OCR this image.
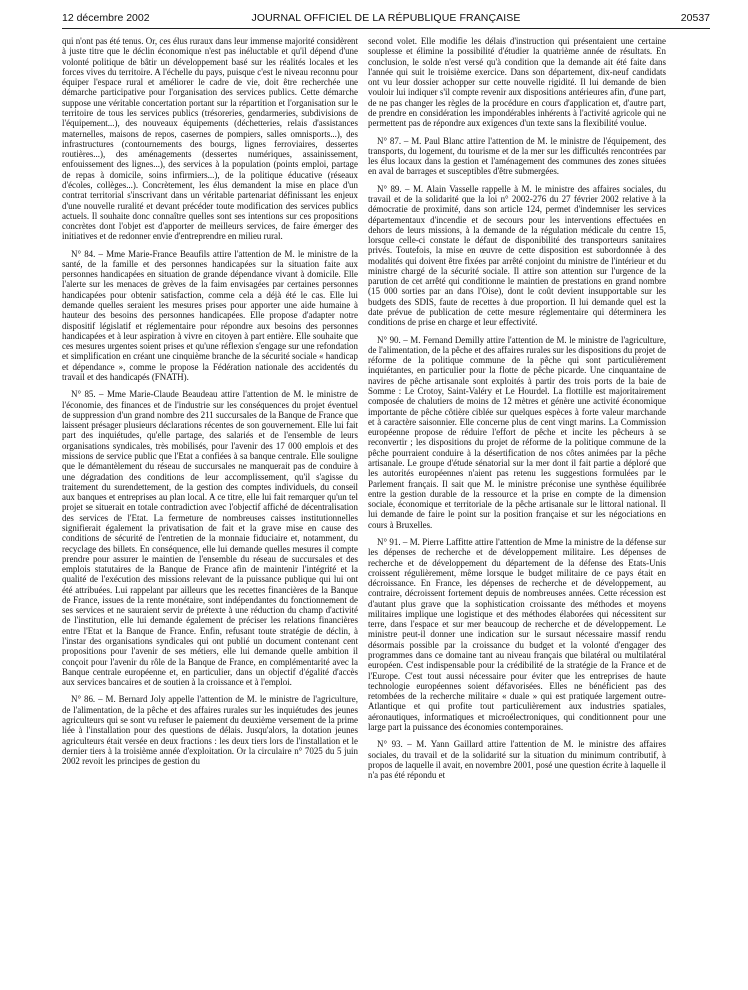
12 décembre 2002	JOURNAL OFFICIEL DE LA RÉPUBLIQUE FRANÇAISE	20537

qui n'ont pas été tenus. Or, ces élus ruraux dans leur immense majorité considèrent à juste titre que le déclin économique n'est pas inéluctable et qu'il dépend d'une volonté politique de bâtir un développement basé sur les réalités locales et les forces vives du territoire. A l'échelle du pays, puisque c'est le niveau reconnu pour équiper l'espace rural et améliorer le cadre de vie, doit être recherchée une démarche participative pour l'organisation des services publics. Cette démarche suppose une véritable concertation portant sur la répartition et l'organisation sur le territoire de tous les services publics (trésoreries, gendarmeries, subdivisions de l'équipement...), des nouveaux équipements (déchetteries, relais d'assistances maternelles, maisons de repos, casernes de pompiers, salles omnisports...), des infrastructures (contournements des bourgs, lignes ferroviaires, dessertes routières...), des aménagements (dessertes numériques, assainissement, enfouissement des lignes...), des services à la population (points emploi, partage de repas à domicile, soins infirmiers...), de la politique éducative (réseaux d'écoles, collèges...). Concrètement, les élus demandent la mise en place d'un contrat territorial s'inscrivant dans un véritable partenariat définissant les enjeux d'une nouvelle ruralité et devant précéder toute modification des services publics actuels. Il souhaite donc connaître quelles sont ses intentions sur ces propositions concrètes dont l'objet est d'apporter de meilleurs services, de faire émerger des initiatives et de redonner envie d'entreprendre en milieu rural.

N° 84. – Mme Marie-France Beaufils attire l'attention de M. le ministre de la santé, de la famille et des personnes handicapées sur la situation faite aux personnes handicapées en situation de grande dépendance vivant à domicile. Elle l'alerte sur les menaces de grèves de la faim envisagées par certaines personnes handicapées pour obtenir satisfaction, comme cela a déjà été le cas. Elle lui demande quelles seraient les mesures prises pour apporter une aide humaine à hauteur des besoins des personnes handicapées. Elle propose d'adapter notre dispositif législatif et réglementaire pour répondre aux besoins des personnes handicapées et à leur aspiration à vivre en citoyen à part entière. Elle souhaite que ces mesures urgentes soient prises et qu'une réflexion s'engage sur une refondation et simplification en créant une cinquième branche de la sécurité sociale « handicap et dépendance », comme le propose la Fédération nationale des accidentés du travail et des handicapés (FNATH).

N° 85. – Mme Marie-Claude Beaudeau attire l'attention de M. le ministre de l'économie, des finances et de l'industrie sur les conséquences du projet éventuel de suppression d'un grand nombre des 211 succursales de la Banque de France que laissent présager plusieurs déclarations récentes de son gouvernement. Elle lui fait part des inquiétudes, qu'elle partage, des salariés et de l'ensemble de leurs organisations syndicales, très mobilisés, pour l'avenir des 17 000 emplois et des missions de service public que l'Etat a confiées à sa banque centrale. Elle souligne que le démantèlement du réseau de succursales ne manquerait pas de conduire à une dégradation des conditions de leur accomplissement, qu'il s'agisse du traitement du surendettement, de la gestion des comptes individuels, du conseil aux banques et entreprises au plan local. A ce titre, elle lui fait remarquer qu'un tel projet se situerait en totale contradiction avec l'objectif affiché de décentralisation des services de l'Etat. La fermeture de nombreuses caisses institutionnelles signifierait également la privatisation de fait et la grave mise en cause des conditions de sécurité de l'entretien de la monnaie fiduciaire et, notamment, du recyclage des billets. En conséquence, elle lui demande quelles mesures il compte prendre pour assurer le maintien de l'ensemble du réseau de succursales et des emplois statutaires de la Banque de France afin de maintenir l'intégrité et la qualité de l'exécution des missions relevant de la puissance publique qui lui ont été attribuées. Lui rappelant par ailleurs que les recettes financières de la Banque de France, issues de la rente monétaire, sont indépendantes du fonctionnement de ses services et ne sauraient servir de prétexte à une réduction du champ d'activité de l'institution, elle lui demande également de préciser les relations financières entre l'Etat et la Banque de France. Enfin, refusant toute stratégie de déclin, à l'instar des organisations syndicales qui ont publié un document contenant cent propositions pour l'avenir de ses métiers, elle lui demande quelle ambition il conçoit pour l'avenir du rôle de la Banque de France, en complémentarité avec la Banque centrale européenne et, en particulier, dans un objectif d'égalité d'accès aux services bancaires et de soutien à la croissance et à l'emploi.

N° 86. – M. Bernard Joly appelle l'attention de M. le ministre de l'agriculture, de l'alimentation, de la pêche et des affaires rurales sur les inquiétudes des jeunes agriculteurs qui se sont vu refuser le paiement du deuxième versement de la prime liée à l'installation pour des questions de délais. Jusqu'alors, la dotation jeunes agriculteurs était versée en deux fractions : les deux tiers lors de l'installation et le dernier tiers à la troisième année d'exploitation. Or la circulaire n° 7025 du 5 juin 2002 revoit les principes de gestion du

second volet. Elle modifie les délais d'instruction qui présentaient une certaine souplesse et élimine la possibilité d'étudier la quatrième année de résultats. En conclusion, le solde n'est versé qu'à condition que la demande ait été faite dans l'année qui suit le troisième exercice. Dans son département, dix-neuf candidats ont vu leur dossier achopper sur cette nouvelle rigidité. Il lui demande de bien vouloir lui indiquer s'il compte revenir aux dispositions antérieures afin, d'une part, de ne pas changer les règles de la procédure en cours d'application et, d'autre part, de prendre en considération les impondérables inhérents à l'activité agricole qui ne permettent pas de répondre aux exigences d'un texte sans la flexibilité voulue.

N° 87. – M. Paul Blanc attire l'attention de M. le ministre de l'équipement, des transports, du logement, du tourisme et de la mer sur les difficultés rencontrées par les élus locaux dans la gestion et l'aménagement des communes des zones situées en aval de barrages et susceptibles d'être submergées.

N° 89. – M. Alain Vasselle rappelle à M. le ministre des affaires sociales, du travail et de la solidarité que la loi n° 2002-276 du 27 février 2002 relative à la démocratie de proximité, dans son article 124, permet d'indemniser les services départementaux d'incendie et de secours pour les interventions effectuées en dehors de leurs missions, à la demande de la régulation médicale du centre 15, lorsque celle-ci constate le défaut de disponibilité des transporteurs sanitaires privés. Toutefois, la mise en œuvre de cette disposition est subordonnée à des modalités qui doivent être fixées par arrêté conjoint du ministre de l'intérieur et du ministre chargé de la sécurité sociale. Il attire son attention sur l'urgence de la parution de cet arrêté qui conditionne le maintien de prestations en grand nombre (15 000 sorties par an dans l'Oise), dont le coût devient insupportable sur les budgets des SDIS, faute de recettes à due proportion. Il lui demande quel est la date prévue de publication de cette mesure réglementaire qui déterminera les conditions de prise en charge et leur effectivité.

N° 90. – M. Fernand Demilly attire l'attention de M. le ministre de l'agriculture, de l'alimentation, de la pêche et des affaires rurales sur les dispositions du projet de réforme de la politique commune de la pêche qui sont particulièrement inquiétantes, en particulier pour la flotte de pêche picarde. Une cinquantaine de navires de pêche artisanale sont exploités à partir des trois ports de la baie de Somme : Le Crotoy, Saint-Valéry et Le Hourdel. La flottille est majoritairement composée de chalutiers de moins de 12 mètres et génère une activité économique importante de pêche côtière ciblée sur quelques espèces à forte valeur marchande et à caractère saisonnier. Elle concerne plus de cent vingt marins. La Commission européenne propose de réduire l'effort de pêche et incite les pêcheurs à se reconvertir ; les dispositions du projet de réforme de la politique commune de la pêche pourraient conduire à la désertification de nos côtes animées par la pêche artisanale. Le groupe d'étude sénatorial sur la mer dont il fait partie a déploré que les autorités européennes n'aient pas retenu les suggestions formulées par le Parlement français. Il sait que M. le ministre préconise une synthèse équilibrée entre la gestion durable de la ressource et la prise en compte de la dimension sociale, économique et territoriale de la pêche artisanale sur le littoral national. Il lui demande de faire le point sur la position française et sur les négociations en cours à Bruxelles.

N° 91. – M. Pierre Laffitte attire l'attention de Mme la ministre de la défense sur les dépenses de recherche et de développement militaire. Les dépenses de recherche et de développement du département de la défense des Etats-Unis croissent régulièrement, même lorsque le budget militaire de ce pays était en décroissance. En France, les dépenses de recherche et de développement, au contraire, décroissent fortement depuis de nombreuses années. Cette récession est d'autant plus grave que la sophistication croissante des méthodes et moyens militaires implique une logistique et des méthodes élaborées qui nécessitent sur terre, dans l'espace et sur mer beaucoup de recherche et de développement. Le ministre peut-il donner une indication sur le sursaut nécessaire massif rendu désormais possible par la croissance du budget et la volonté d'engager des programmes dans ce domaine tant au niveau français que bilatéral ou multilatéral européen. C'est indispensable pour la crédibilité de la stratégie de la France et de l'Europe. C'est tout aussi nécessaire pour éviter que les entreprises de haute technologie européennes soient défavorisées. Elles ne bénéficient pas des retombées de la recherche militaire « duale » qui est pratiquée largement outre-Atlantique et qui profite tout particulièrement aux industries spatiales, aéronautiques, informatiques et microélectroniques, qui conditionnent pour une large part la puissance des économies contemporaines.

N° 93. – M. Yann Gaillard attire l'attention de M. le ministre des affaires sociales, du travail et de la solidarité sur la situation du minimum contributif, à propos de laquelle il avait, en novembre 2001, posé une question écrite à laquelle il n'a pas été répondu et
